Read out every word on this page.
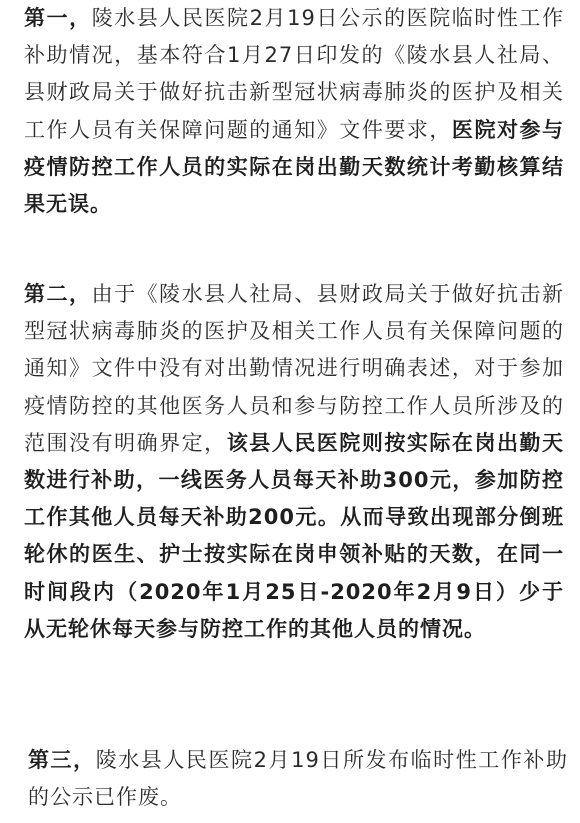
第一，陵水县人民医院2月19日公示的医院临时性工作补助情况，基本符合1月27日印发的《陵水县人社局、县财政局关于做好抗击新型冠状病毒肺炎的医护及相关工作人员有关保障问题的通知》文件要求，医院对参与疫情防控工作人员的实际在岗出勤天数统计考勤核算结果无误。
第二，由于《陵水县人社局、县财政局关于做好抗击新型冠状病毒肺炎的医护及相关工作人员有关保障问题的通知》文件中没有对出勤情况进行明确表述，对于参加疫情防控的其他医务人员和参与防控工作人员所涉及的范围没有明确界定，该县人民医院则按实际在岗出勤天数进行补助，一线医务人员每天补助300元，参加防控工作其他人员每天补助200元。从而导致出现部分倒班轮休的医生、护士按实际在岗申领补贴的天数，在同一时间段内（2020年1月25日-2020年2月9日）少于从无轮休每天参与防控工作的其他人员的情况。
第三，陵水县人民医院2月19日所发布临时性工作补助的公示已作废。
